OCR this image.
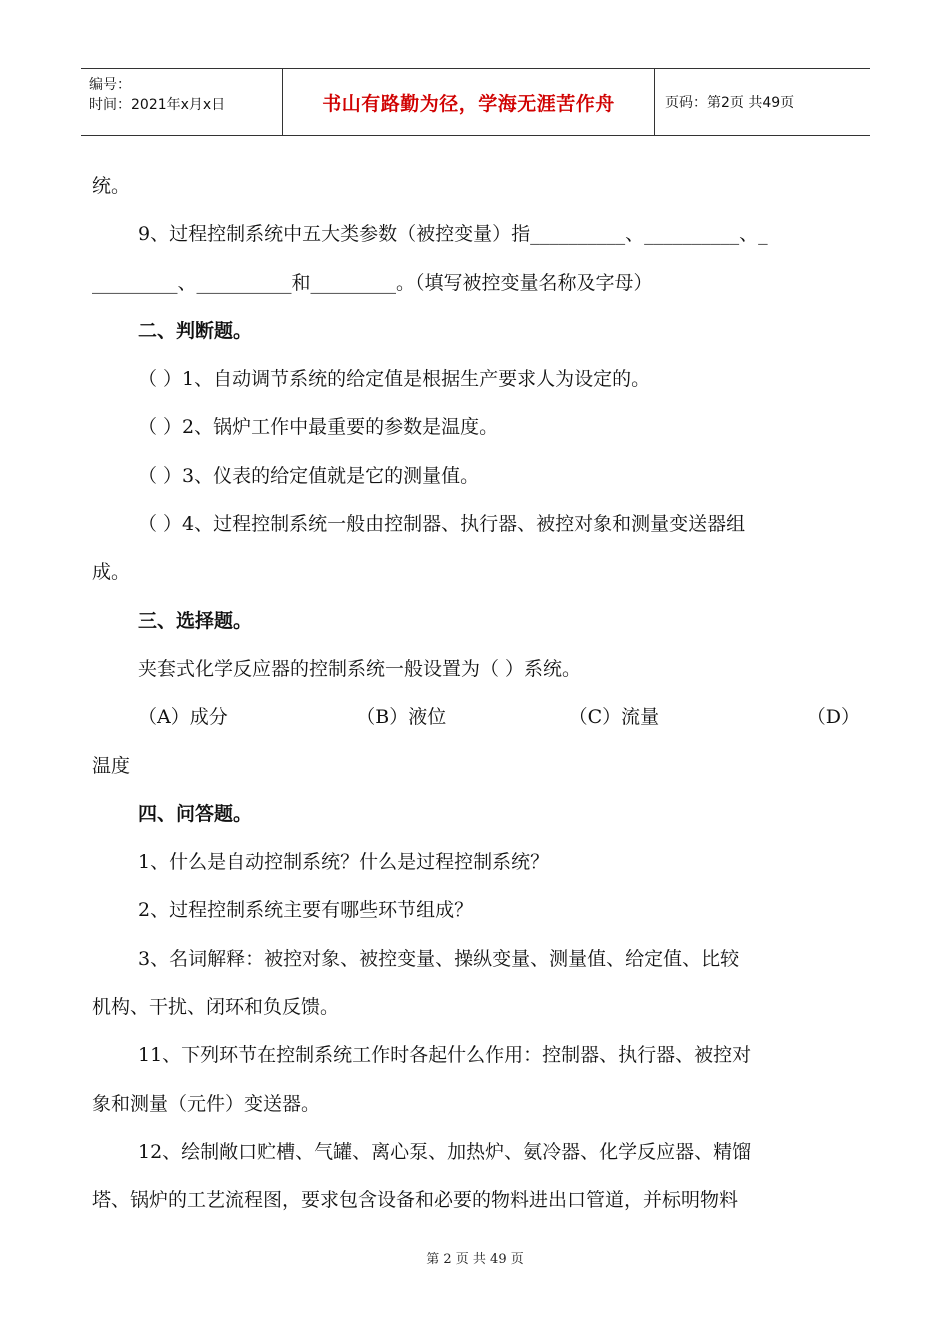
编号：
时间：2021年x月x日	书山有路勤为径，学海无涯苦作舟	页码：第2页 共49页
统。
9、过程控制系统中五大类参数（被控变量）指__________、__________、_
_________、__________和_________。（填写被控变量名称及字母）
二、判断题。
（ ）1、自动调节系统的给定值是根据生产要求人为设定的。
（ ）2、锅炉工作中最重要的参数是温度。
（ ）3、仪表的给定值就是它的测量值。
（ ）4、过程控制系统一般由控制器、执行器、被控对象和测量变送器组
成。
三、选择题。
夹套式化学反应器的控制系统一般设置为（ ）系统。
（A）成分	（B）液位	（C）流量	（D）
温度
四、问答题。
1、什么是自动控制系统？什么是过程控制系统？
2、过程控制系统主要有哪些环节组成？
3、名词解释：被控对象、被控变量、操纵变量、测量值、给定值、比较
机构、干扰、闭环和负反馈。
11、下列环节在控制系统工作时各起什么作用：控制器、执行器、被控对
象和测量（元件）变送器。
12、绘制敞口贮槽、气罐、离心泵、加热炉、氨冷器、化学反应器、精馏
塔、锅炉的工艺流程图，要求包含设备和必要的物料进出口管道，并标明物料
第 2 页 共 49 页
